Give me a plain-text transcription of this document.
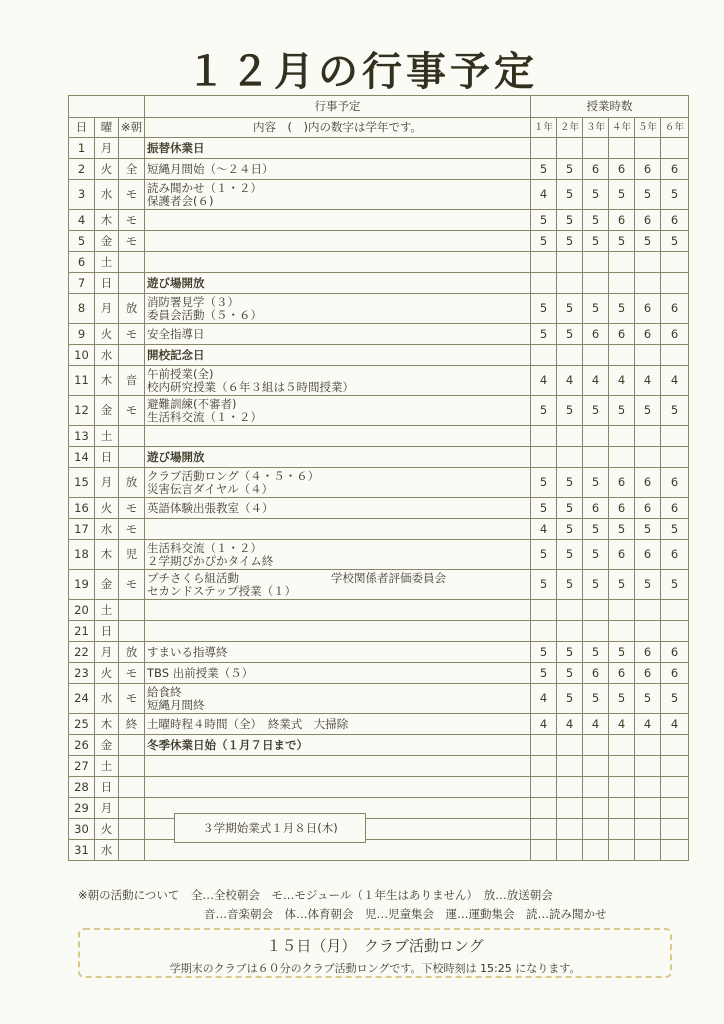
１２月の行事予定
			行事予定	授業時数					
日	曜	※朝	内容　(　)内の数字は学年です。	１年	２年	３年	４年	５年	６年
1	月		振替休業日						

2	火	全	短縄月間始（～２４日）	5	5	6	6	6	6
3	水	モ	読み聞かせ（１・２）
保護者会(６)	4	5	5	5	5	5
4	木	モ		5	5	5	6	6	6
5	金	モ		5	5	5	5	5	5
6	土		

7	日		遊び場開放						

8	月	放	消防署見学（３）
委員会活動（５・６）	5	5	5	5	6	6
9	火	モ	安全指導日	5	5	6	6	6	6
10	水		開校記念日						

11	木	音	午前授業(全)
校内研究授業（６年３組は５時間授業）	4	4	4	4	4	4
12	金	モ	避難訓練(不審者)
生活科交流（１・２）	5	5	5	5	5	5
13	土		

14	日		遊び場開放						

15	月	放	クラブ活動ロング（４・５・６）
災害伝言ダイヤル（４）	5	5	5	6	6	6
16	火	モ	英語体験出張教室（４）	5	5	6	6	6	6
17	水	モ		4	5	5	5	5	5
18	木	児	生活科交流（１・２）
２学期ぴかぴかタイム終	5	5	5	6	6	6
19	金	モ	プチさくら組活動　　　　　　　　学校関係者評価委員会
セカンドステップ授業（１）	5	5	5	5	5	5
20	土		

21	日		

22	月	放	すまいる指導終	5	5	5	5	6	6
23	火	モ	TBS 出前授業（５）	5	5	6	6	6	6
24	水	モ	給食終
短縄月間終	4	5	5	5	5	5
25	木	終	土曜時程４時間（全）　終業式　大掃除	4	4	4	4	4	4
26	金		冬季休業日始（１月７日まで）						

27	土		

28	日		

29	月		

30	火		

31	水		

３学期始業式１月８日(木)
※朝の活動について　全…全校朝会　モ…モジュール（１年生はありません）　放…放送朝会
音…音楽朝会　体…体育朝会　児…児童集会　運…運動集会　読…読み聞かせ
１５日（月）　クラブ活動ロング
学期末のクラブは６０分のクラブ活動ロングです。下校時刻は 15:25 になります。
